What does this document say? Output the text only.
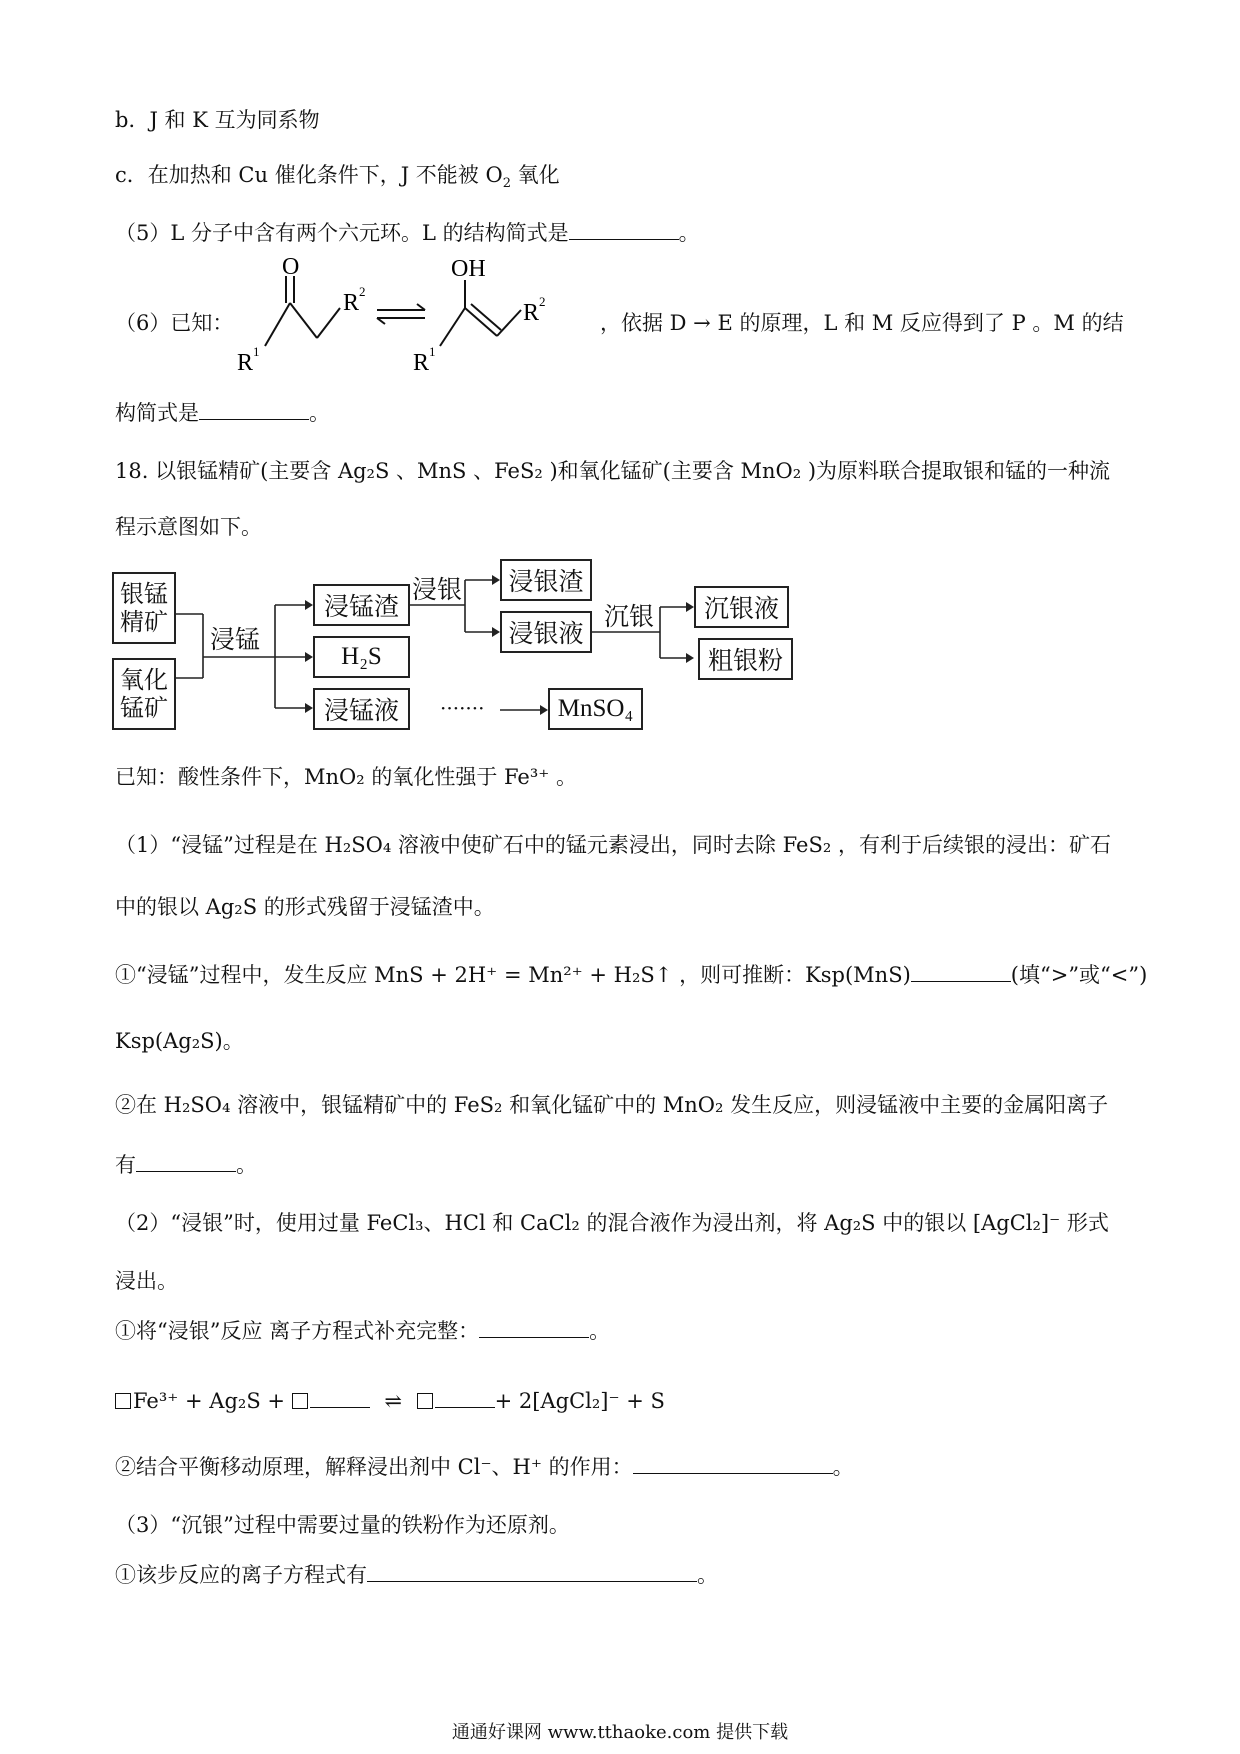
b．J 和 K 互为同系物
c．在加热和 Cu 催化条件下，J 不能被 $O_2$ 氧化
（5）L 分子中含有两个六元环。L 的结构简式是	。
（6）已知：
O
R 1
R 2
OH
R 1
R 2
，依据 D → E 的原理，L 和 M 反应得到了 P 。M 的结
构简式是	。
18. 以银锰精矿(主要含 Ag₂S 、MnS 、FeS₂ )和氧化锰矿(主要含 MnO₂ )为原料联合提取银和锰的一种流
程示意图如下。
银锰精矿
氧化锰矿
浸锰
浸锰渣
H₂S
浸锰液	·······	MnSO₄
浸银	浸银渣
浸银液
沉银	沉银液
粗银粉
已知：酸性条件下，MnO₂ 的氧化性强于 Fe³⁺ 。
（1）“浸锰”过程是在 H₂SO₄ 溶液中使矿石中的锰元素浸出，同时去除 FeS₂ ，有利于后续银的浸出：矿石
中的银以 Ag₂S 的形式残留于浸锰渣中。
①“浸锰”过程中，发生反应 MnS + 2H⁺ = Mn²⁺ + H₂S↑ ，则可推断：Ksp(MnS)	(填“>”或“<”)
Ksp(Ag₂S)。
②在 H₂SO₄ 溶液中，银锰精矿中的 FeS₂ 和氧化锰矿中的 MnO₂ 发生反应，则浸锰液中主要的金属阳离子
有	。
（2）“浸银”时，使用过量 FeCl₃、HCl 和 CaCl₂ 的混合液作为浸出剂，将 Ag₂S 中的银以 [AgCl₂]⁻ 形式
浸出。
①将“浸银”反应 离子方程式补充完整：	。
Fe³⁺ + Ag₂S +	⇌	+ 2[AgCl₂]⁻ + S
②结合平衡移动原理，解释浸出剂中 Cl⁻、H⁺ 的作用：	。
（3）“沉银”过程中需要过量的铁粉作为还原剂。
①该步反应的离子方程式有	。
通通好课网 www.tthaoke.com 提供下载
